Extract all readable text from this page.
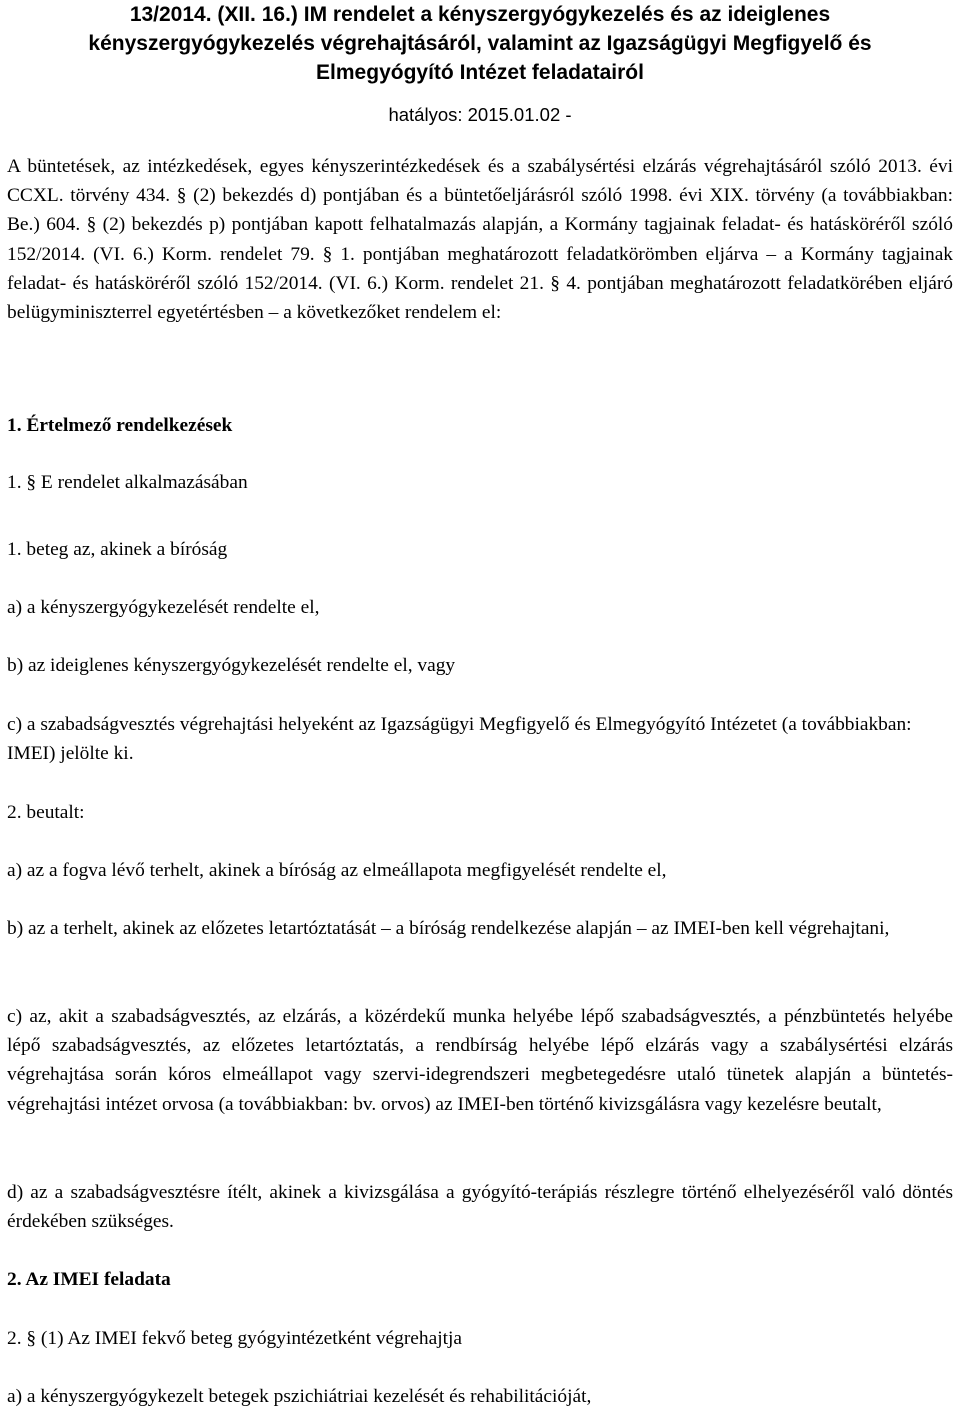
13/2014. (XII. 16.) IM rendelet a kényszergyógykezelés és az ideiglenes
kényszergyógykezelés végrehajtásáról, valamint az Igazságügyi Megfigyelő és
Elmegyógyító Intézet feladatairól
hatályos: 2015.01.02 -

A büntetések, az intézkedések, egyes kényszerintézkedések és a szabálysértési elzárás végrehajtásáról szóló 2013. évi CCXL. törvény 434. § (2) bekezdés d) pontjában és a büntetőeljárásról szóló 1998. évi XIX. törvény (a továbbiakban: Be.) 604. § (2) bekezdés p) pontjában kapott felhatalmazás alapján, a Kormány tagjainak feladat- és hatásköréről szóló 152/2014. (VI. 6.) Korm. rendelet 79. § 1. pontjában meghatározott feladatkörömben eljárva – a Kormány tagjainak feladat- és hatásköréről szóló 152/2014. (VI. 6.) Korm. rendelet 21. § 4. pontjában meghatározott feladatkörében eljáró belügyminiszterrel egyetértésben – a következőket rendelem el:

1. Értelmező rendelkezések

1. § E rendelet alkalmazásában

1. beteg az, akinek a bíróság

a) a kényszergyógykezelését rendelte el,

b) az ideiglenes kényszergyógykezelését rendelte el, vagy

c) a szabadságvesztés végrehajtási helyeként az Igazságügyi Megfigyelő és Elmegyógyító Intézetet (a továbbiakban: IMEI) jelölte ki.

2. beutalt:

a) az a fogva lévő terhelt, akinek a bíróság az elmeállapota megfigyelését rendelte el,

b) az a terhelt, akinek az előzetes letartóztatását – a bíróság rendelkezése alapján – az IMEI-ben kell végrehajtani,

c) az, akit a szabadságvesztés, az elzárás, a közérdekű munka helyébe lépő szabadságvesztés, a pénzbüntetés helyébe lépő szabadságvesztés, az előzetes letartóztatás, a rendbírság helyébe lépő elzárás vagy a szabálysértési elzárás végrehajtása során kóros elmeállapot vagy szervi-idegrendszeri megbetegedésre utaló tünetek alapján a büntetés-végrehajtási intézet orvosa (a továbbiakban: bv. orvos) az IMEI-ben történő kivizsgálásra vagy kezelésre beutalt,

d) az a szabadságvesztésre ítélt, akinek a kivizsgálása a gyógyító-terápiás részlegre történő elhelyezéséről való döntés érdekében szükséges.

2. Az IMEI feladata

2. § (1) Az IMEI fekvő beteg gyógyintézetként végrehajtja

a) a kényszergyógykezelt betegek pszichiátriai kezelését és rehabilitációját,
